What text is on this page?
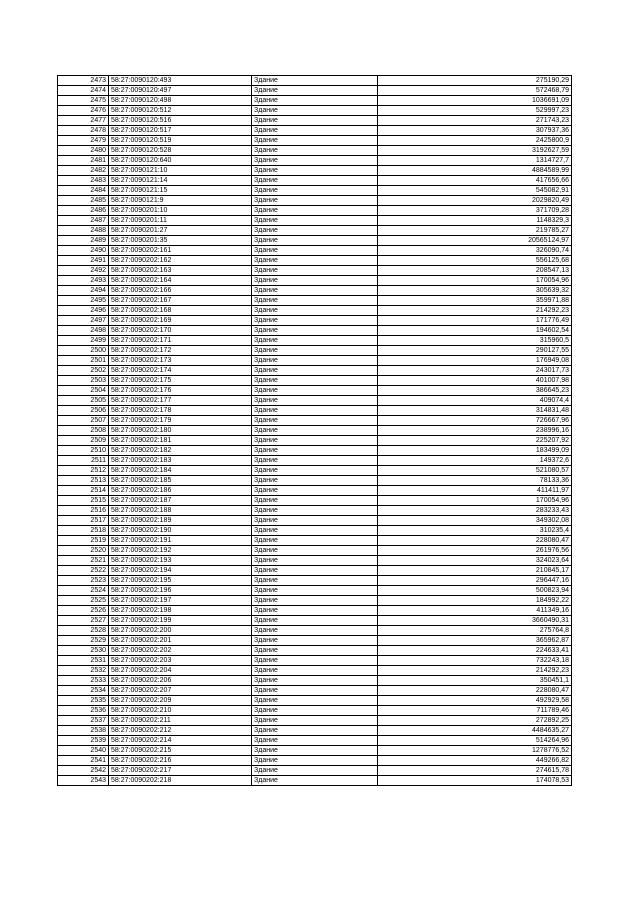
2473	58:27:0090120:493	Здание	275190,29
2474	58:27:0090120:497	Здание	572468,79
2475	58:27:0090120:498	Здание	1036691,09
2476	58:27:0090120:512	Здание	529997,23
2477	58:27:0090120:516	Здание	271743,23
2478	58:27:0090120:517	Здание	307937,36
2479	58:27:0090120:519	Здание	2425800,9
2480	58:27:0090120:528	Здание	3192627,59
2481	58:27:0090120:640	Здание	1314727,7
2482	58:27:0090121:10	Здание	4884589,99
2483	58:27:0090121:14	Здание	417656,66
2484	58:27:0090121:15	Здание	545082,91
2485	58:27:0090121:9	Здание	2029820,49
2486	58:27:0090201:10	Здание	371709,28
2487	58:27:0090201:11	Здание	1148329,3
2488	58:27:0090201:27	Здание	219785,27
2489	58:27:0090201:35	Здание	20565124,97
2490	58:27:0090202:161	Здание	326090,74
2491	58:27:0090202:162	Здание	556125,68
2492	58:27:0090202:163	Здание	208547,13
2493	58:27:0090202:164	Здание	170054,96
2494	58:27:0090202:166	Здание	305639,32
2495	58:27:0090202:167	Здание	359971,88
2496	58:27:0090202:168	Здание	214292,23
2497	58:27:0090202:169	Здание	171776,49
2498	58:27:0090202:170	Здание	194602,54
2499	58:27:0090202:171	Здание	315960,5
2500	58:27:0090202:172	Здание	290127,55
2501	58:27:0090202:173	Здание	176949,08
2502	58:27:0090202:174	Здание	243017,73
2503	58:27:0090202:175	Здание	401007,98
2504	58:27:0090202:176	Здание	386645,23
2505	58:27:0090202:177	Здание	409074,4
2506	58:27:0090202:178	Здание	314831,48
2507	58:27:0090202:179	Здание	726667,96
2508	58:27:0090202:180	Здание	238996,16
2509	58:27:0090202:181	Здание	225207,92
2510	58:27:0090202:182	Здание	183499,09
2511	58:27:0090202:183	Здание	149372,6
2512	58:27:0090202:184	Здание	521080,57
2513	58:27:0090202:185	Здание	78133,36
2514	58:27:0090202:186	Здание	411411,97
2515	58:27:0090202:187	Здание	170054,96
2516	58:27:0090202:188	Здание	283233,43
2517	58:27:0090202:189	Здание	349302,08
2518	58:27:0090202:190	Здание	310235,4
2519	58:27:0090202:191	Здание	228080,47
2520	58:27:0090202:192	Здание	261976,56
2521	58:27:0090202:193	Здание	324023,64
2522	58:27:0090202:194	Здание	210845,17
2523	58:27:0090202:195	Здание	296447,16
2524	58:27:0090202:196	Здание	500823,94
2525	58:27:0090202:197	Здание	184992,22
2526	58:27:0090202:198	Здание	411349,16
2527	58:27:0090202:199	Здание	3660490,31
2528	58:27:0090202:200	Здание	275764,8
2529	58:27:0090202:201	Здание	365962,87
2530	58:27:0090202:202	Здание	224633,41
2531	58:27:0090202:203	Здание	732243,18
2532	58:27:0090202:204	Здание	214292,23
2533	58:27:0090202:206	Здание	350451,1
2534	58:27:0090202:207	Здание	228080,47
2535	58:27:0090202:209	Здание	492929,58
2536	58:27:0090202:210	Здание	711789,46
2537	58:27:0090202:211	Здание	272892,25
2538	58:27:0090202:212	Здание	4484635,27
2539	58:27:0090202:214	Здание	514264,96
2540	58:27:0090202:215	Здание	1278776,52
2541	58:27:0090202:216	Здание	449266,82
2542	58:27:0090202:217	Здание	274615,78
2543	58:27:0090202:218	Здание	174078,53
